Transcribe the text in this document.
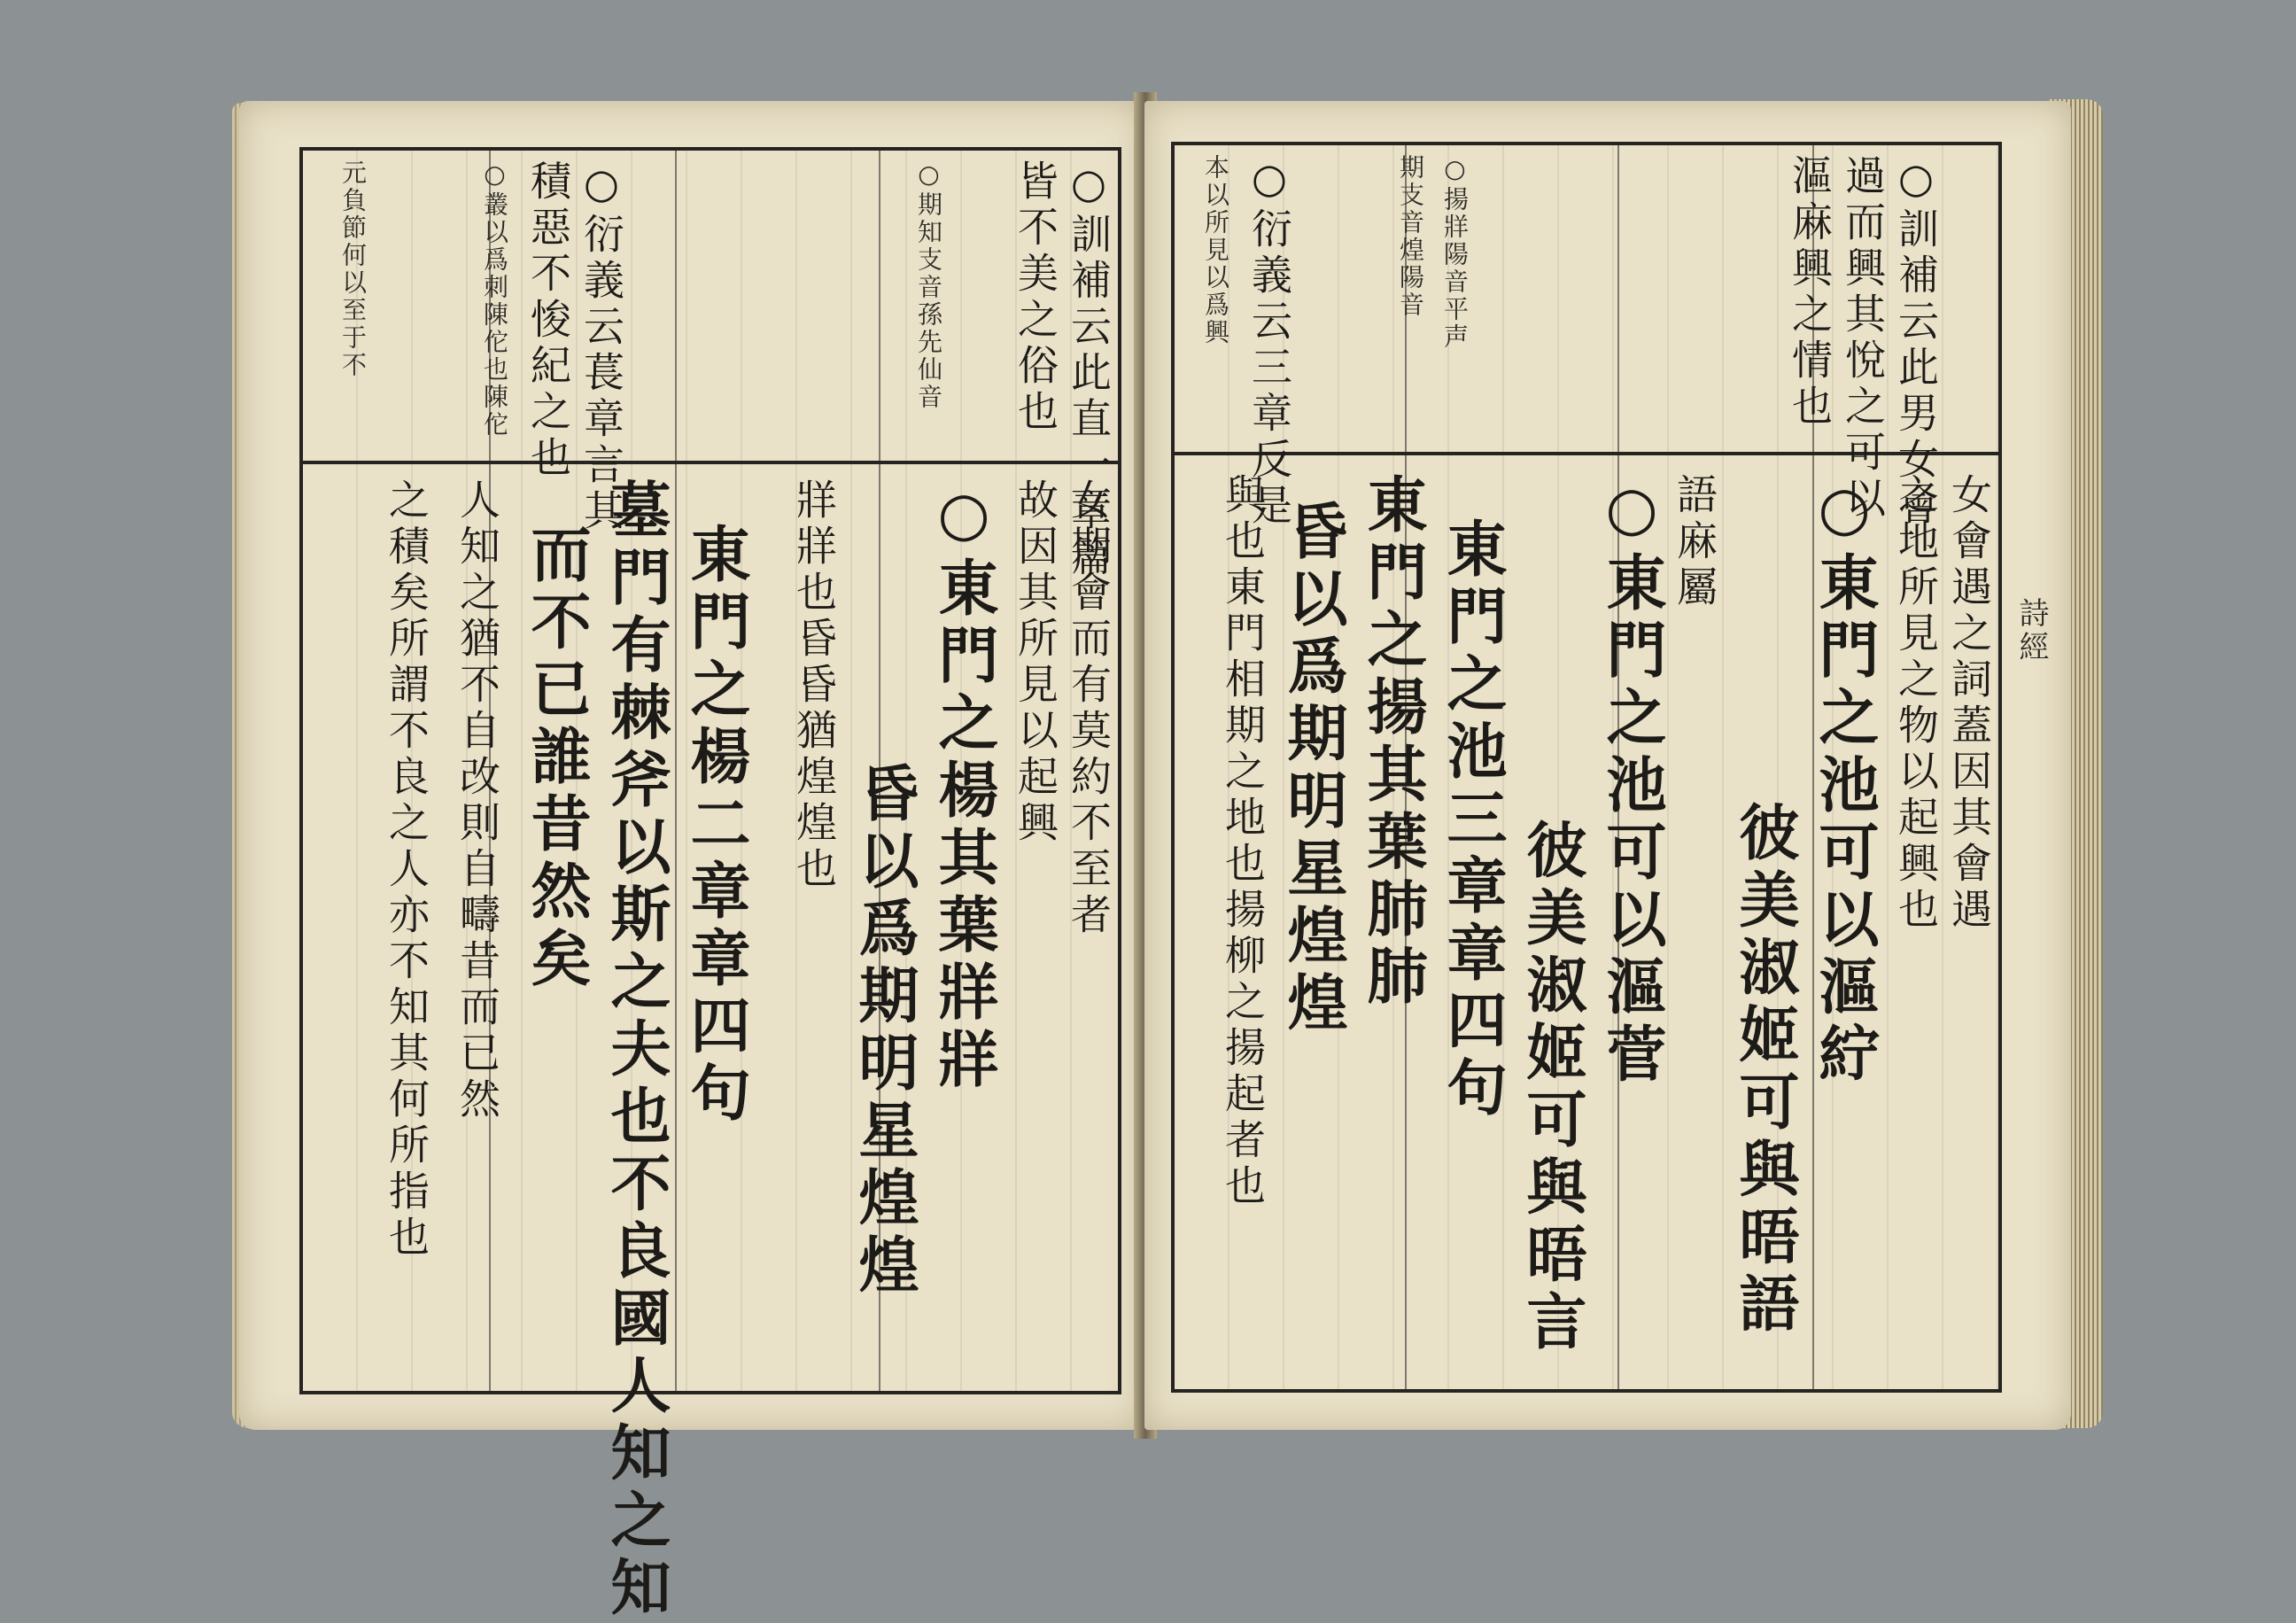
○訓補云此直一章篇
皆不美之俗也
○期知支音孫先仙音
○衍義云萇章言其
積惡不悛紀之也
○叢以爲刺陳佗也陳佗
元負節何以至于不
女期會而有莫約不至者
故因其所見以起興
○東門之楊其葉牂牂
昏以爲期明星煌煌
牂牂也昏昏猶煌煌也
東門之楊二章章四句
墓門有棘斧以斯之夫也不良國人知之知
而不已誰昔然矣
人知之猶不自改則自疇昔而已然
之積矣所謂不良之人亦不知其何所指也
○訓補云此男女會
過而興其悅之可以
漚麻興之情也
○衍義云三章反是
本以所見以爲興	○揚牂陽音平声
期支音煌陽音
女會遇之詞蓋因其會遇
之地所見之物以起興也
○東門之池可以漚紵
彼美淑姬可與晤語
語麻屬
○東門之池可以漚菅
彼美淑姬可與晤言
東門之池三章章四句
東門之揚其葉肺肺
昏以爲期明星煌煌
與也東門相期之地也揚柳之揚起者也	詩經
